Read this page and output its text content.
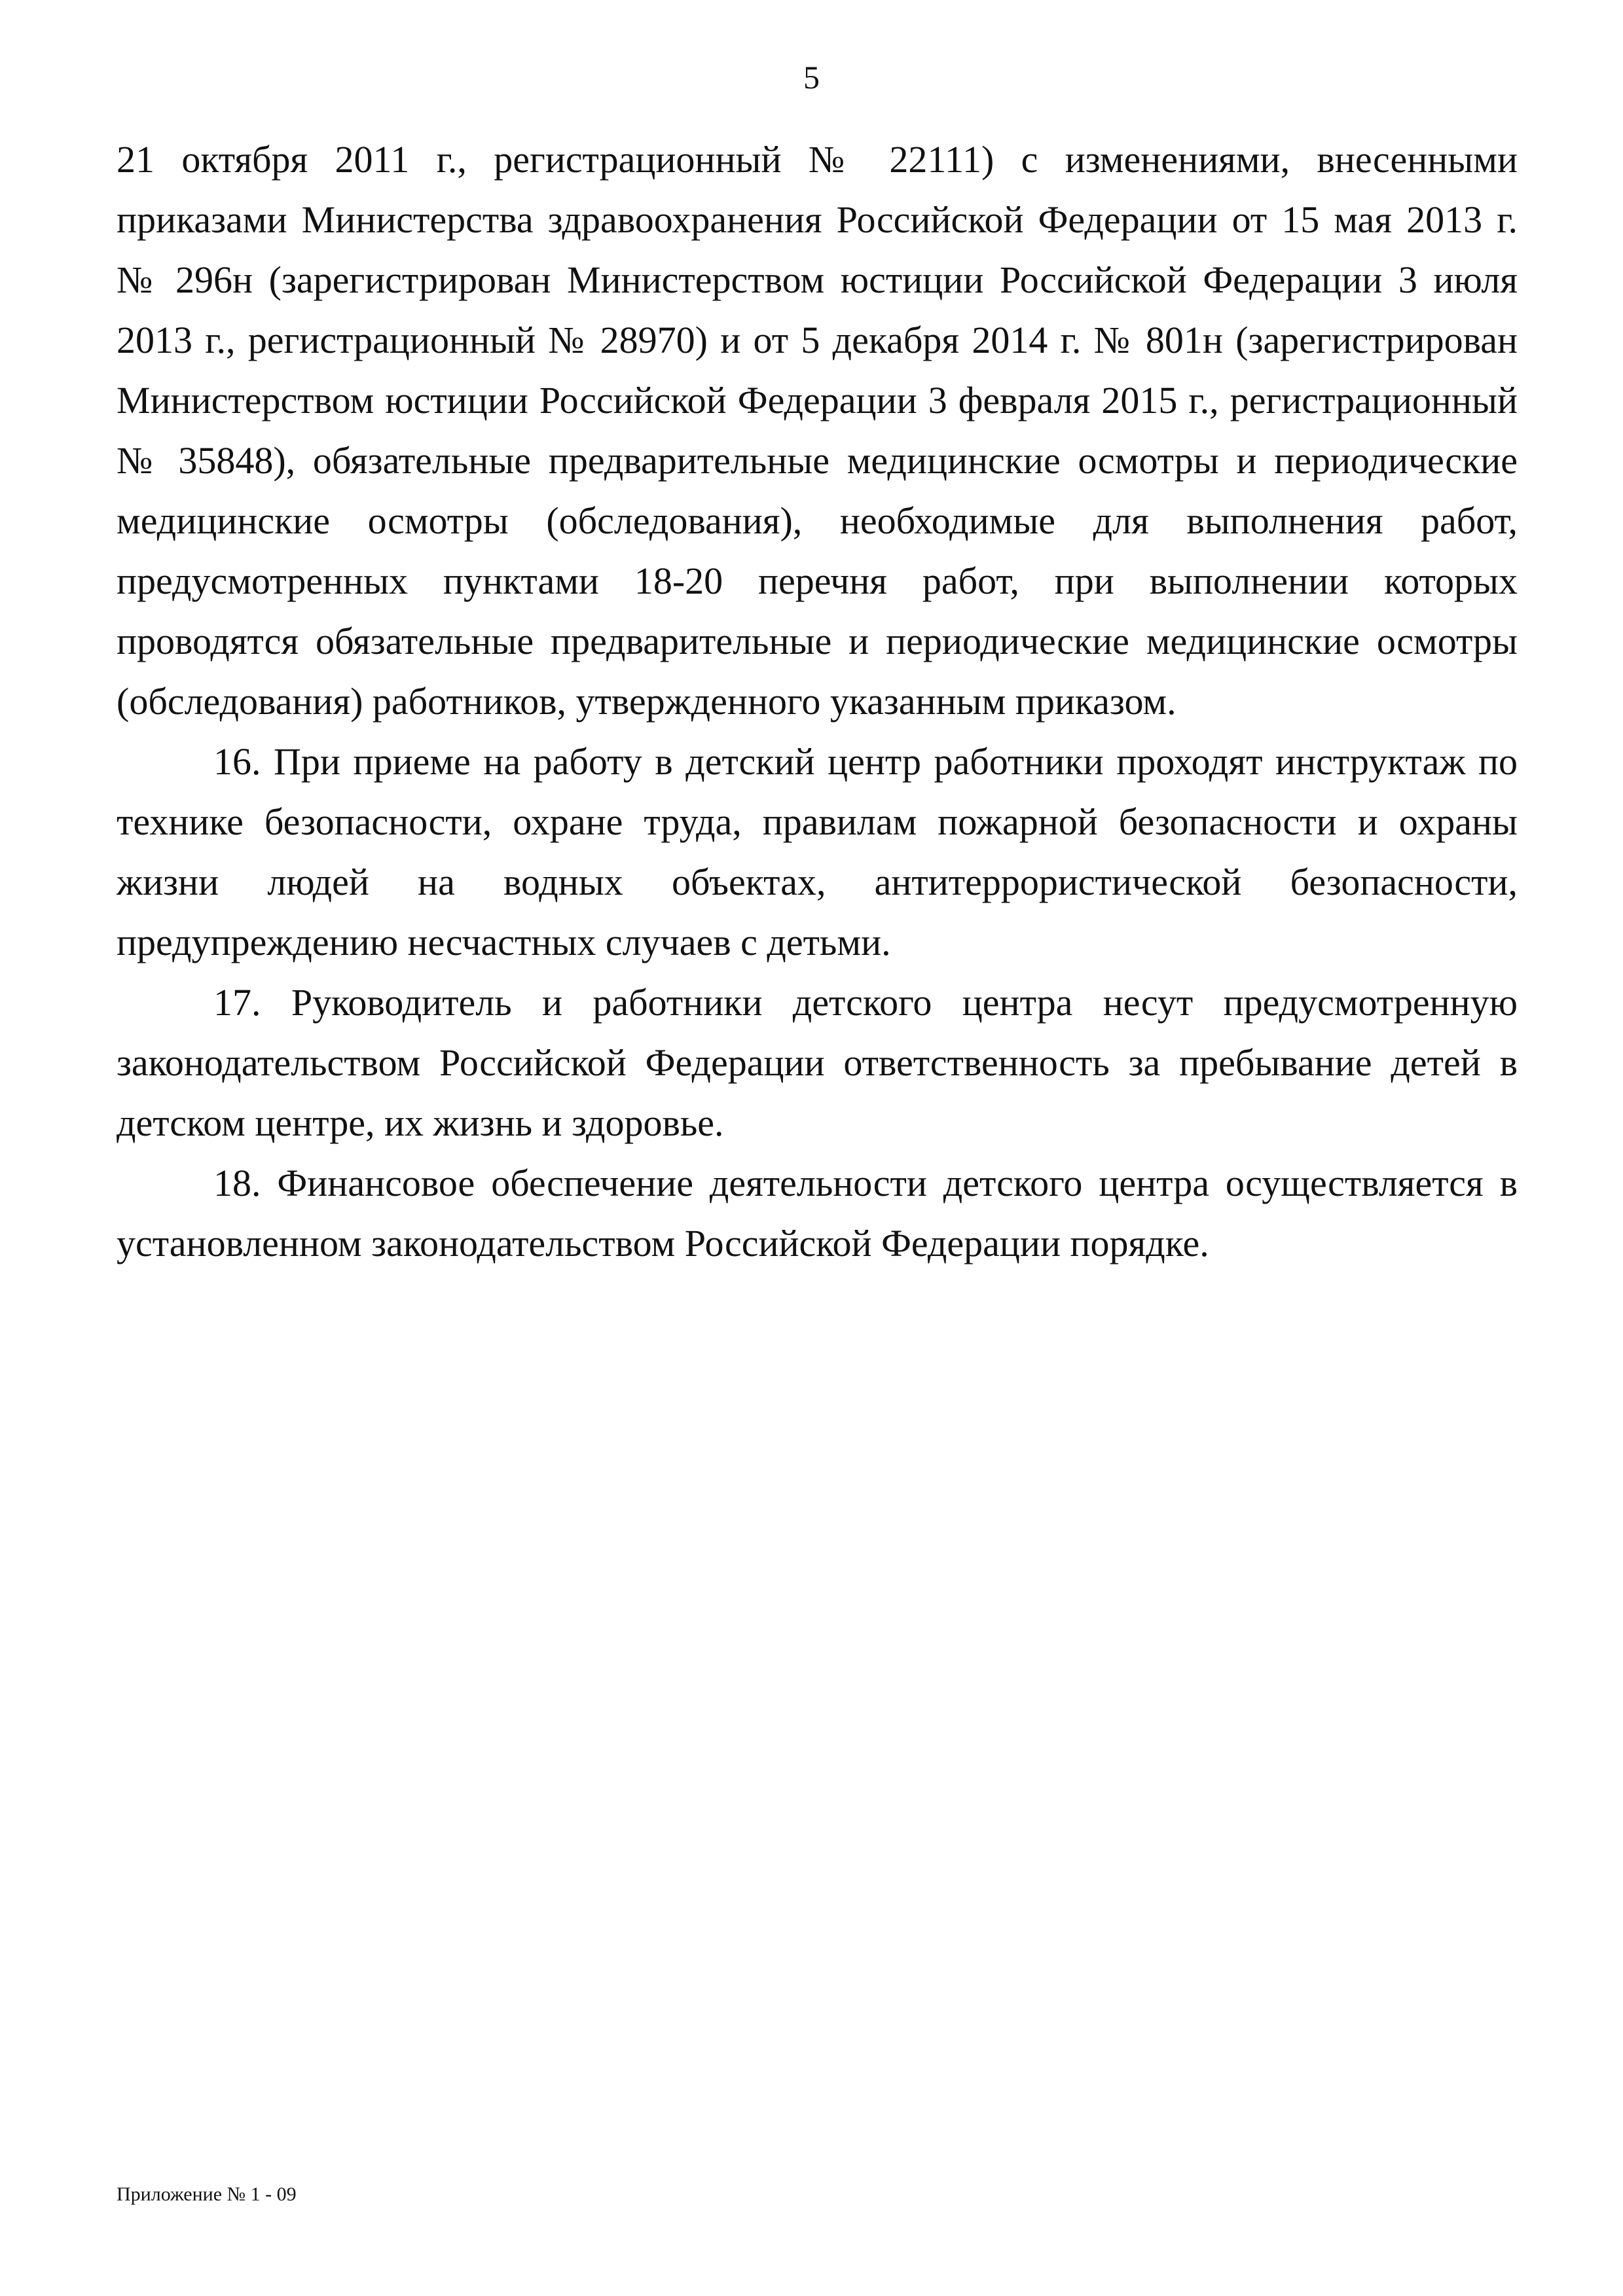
5

21 октября 2011 г., регистрационный № 22111) с изменениями, внесенными приказами Министерства здравоохранения Российской Федерации от 15 мая 2013 г. № 296н (зарегистрирован Министерством юстиции Российской Федерации 3 июля 2013 г., регистрационный № 28970) и от 5 декабря 2014 г. № 801н (зарегистрирован Министерством юстиции Российской Федерации 3 февраля 2015 г., регистрационный № 35848), обязательные предварительные медицинские осмотры и периодические медицинские осмотры (обследования), необходимые для выполнения работ, предусмотренных пунктами 18-20 перечня работ, при выполнении которых проводятся обязательные предварительные и периодические медицинские осмотры (обследования) работников, утвержденного указанным приказом.

16. При приеме на работу в детский центр работники проходят инструктаж по технике безопасности, охране труда, правилам пожарной безопасности и охраны жизни людей на водных объектах, антитеррористической безопасности, предупреждению несчастных случаев с детьми.

17. Руководитель и работники детского центра несут предусмотренную законодательством Российской Федерации ответственность за пребывание детей в детском центре, их жизнь и здоровье.

18. Финансовое обеспечение деятельности детского центра осуществляется в установленном законодательством Российской Федерации порядке.

Приложение № 1 - 09
